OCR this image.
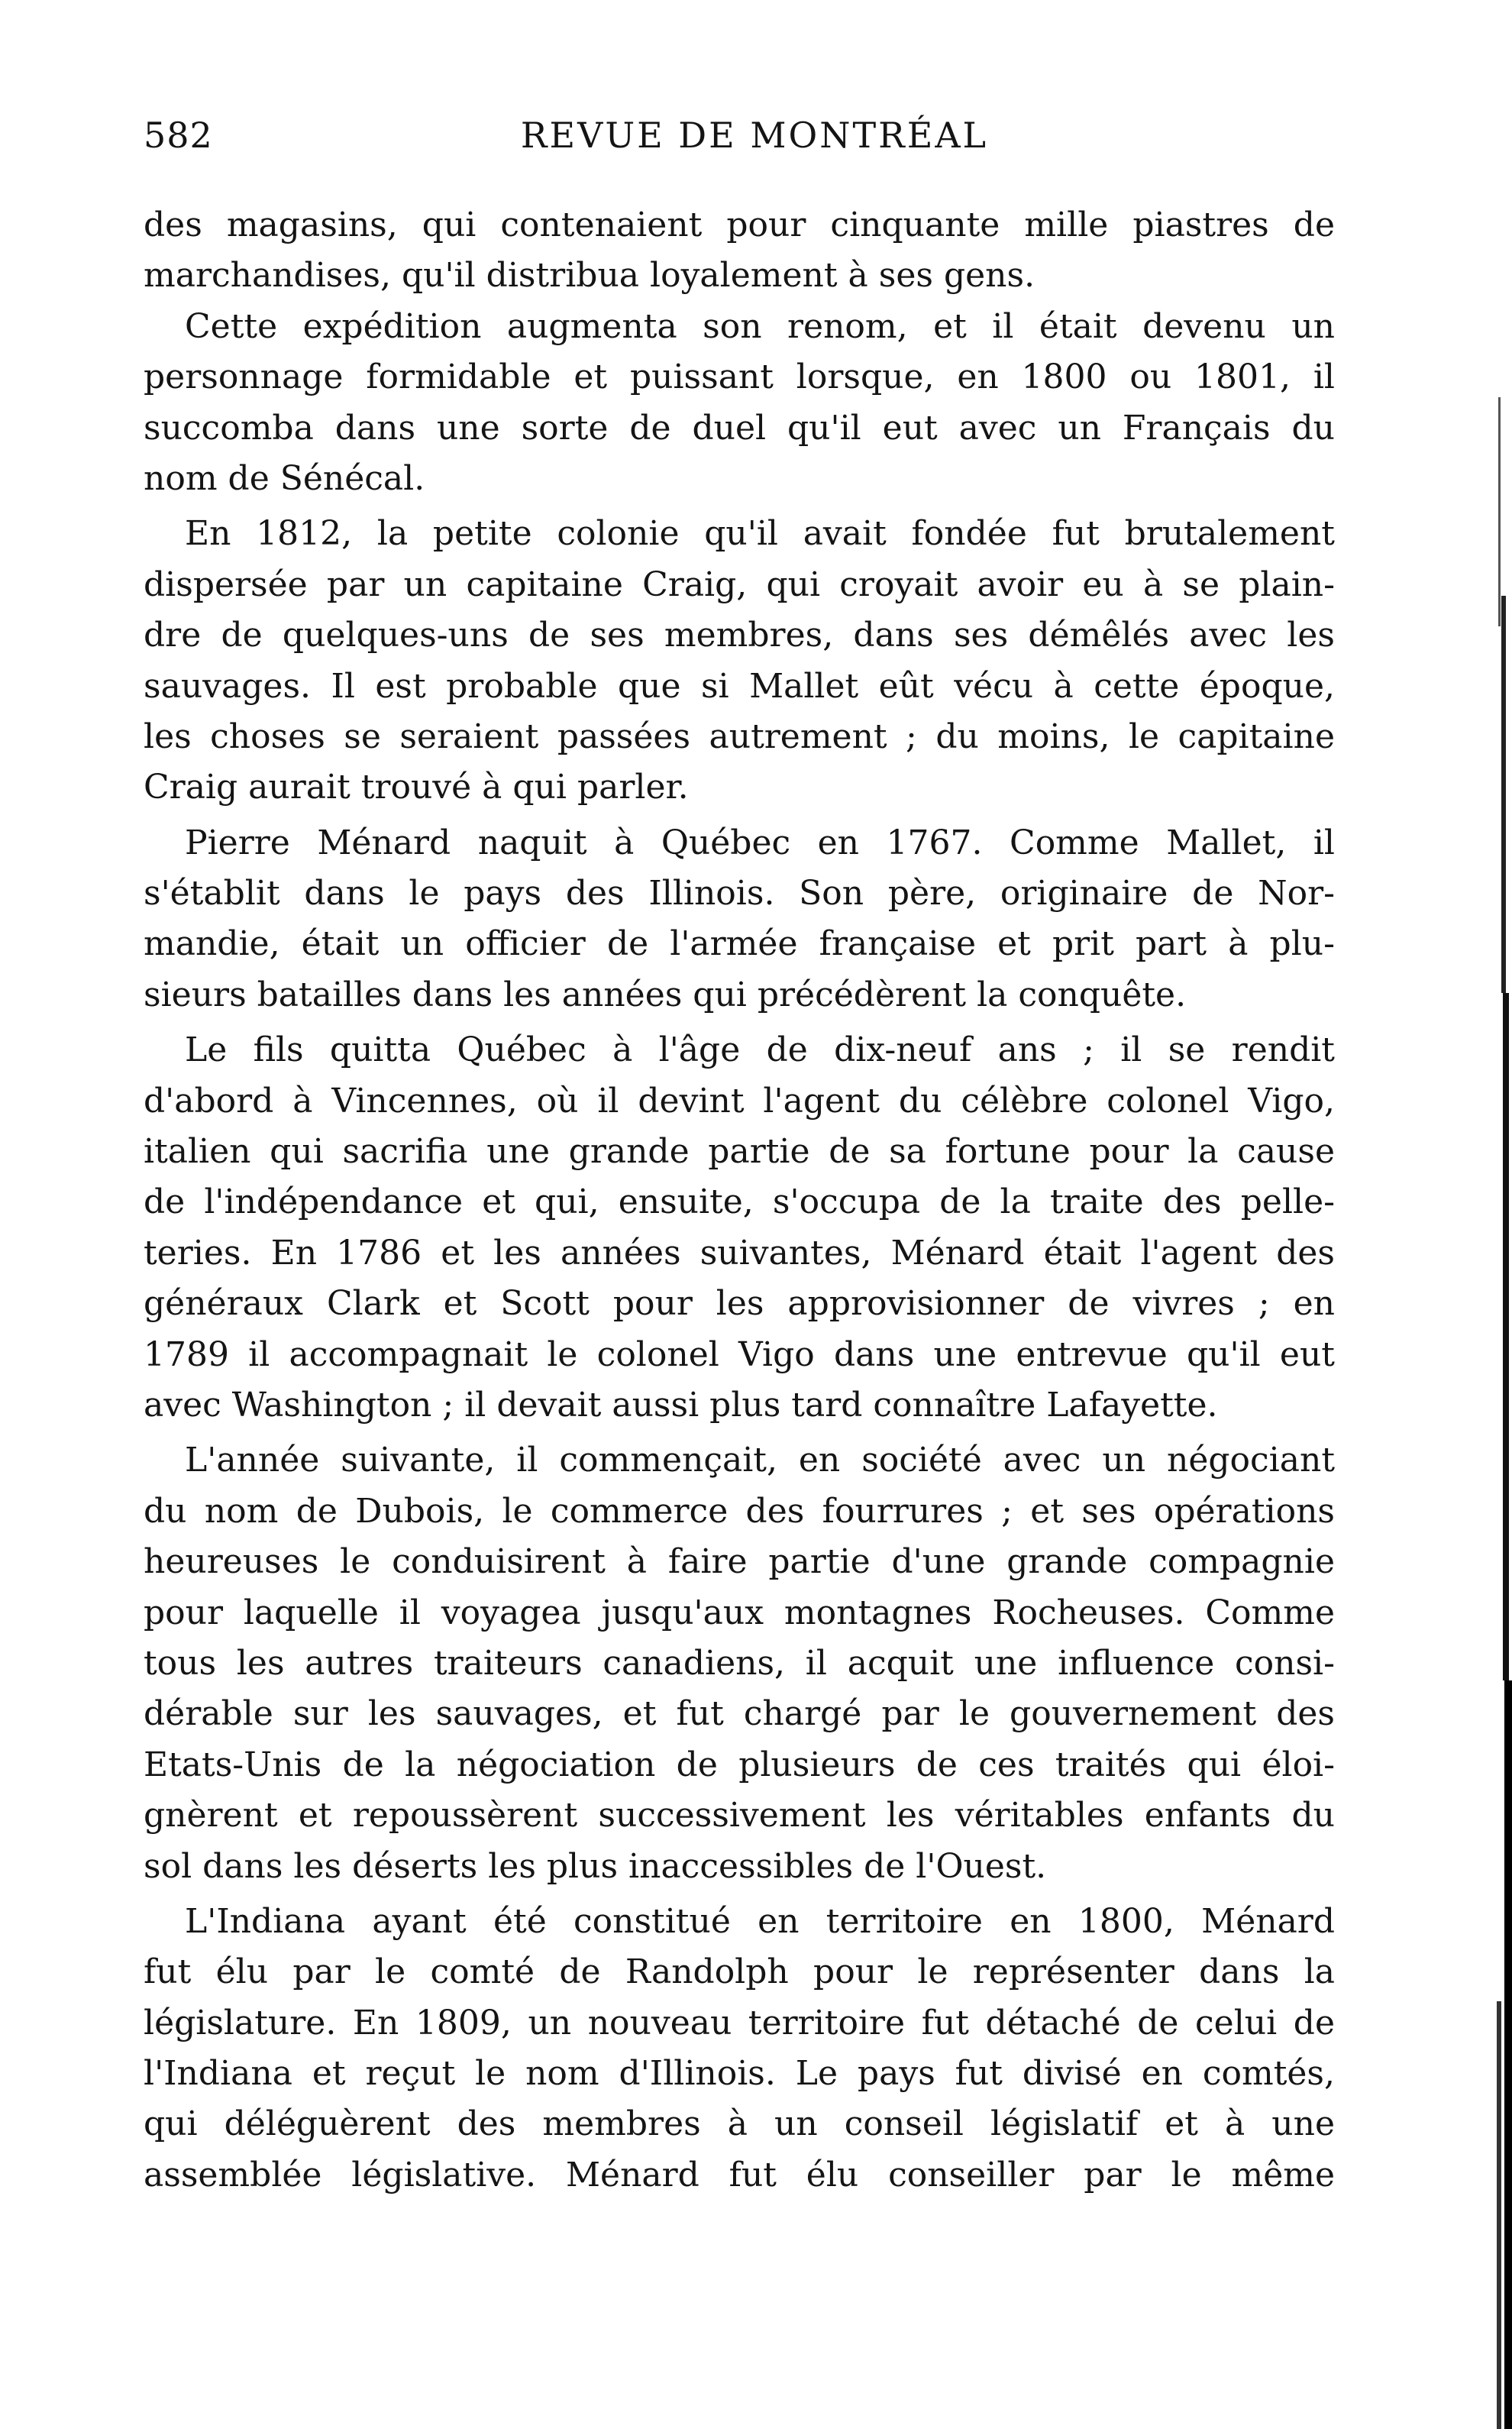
582	REVUE DE MONTRÉAL
des magasins, qui contenaient pour cinquante mille piastres de
marchandises, qu'il distribua loyalement à ses gens.
Cette expédition augmenta son renom, et il était devenu un
personnage formidable et puissant lorsque, en 1800 ou 1801, il
succomba dans une sorte de duel qu'il eut avec un Français du
nom de Sénécal.
En 1812, la petite colonie qu'il avait fondée fut brutalement
dispersée par un capitaine Craig, qui croyait avoir eu à se plain-
dre de quelques-uns de ses membres, dans ses démêlés avec les
sauvages. Il est probable que si Mallet eût vécu à cette époque,
les choses se seraient passées autrement ; du moins, le capitaine
Craig aurait trouvé à qui parler.
Pierre Ménard naquit à Québec en 1767. Comme Mallet, il
s'établit dans le pays des Illinois. Son père, originaire de Nor-
mandie, était un officier de l'armée française et prit part à plu-
sieurs batailles dans les années qui précédèrent la conquête.
Le fils quitta Québec à l'âge de dix-neuf ans ; il se rendit
d'abord à Vincennes, où il devint l'agent du célèbre colonel Vigo,
italien qui sacrifia une grande partie de sa fortune pour la cause
de l'indépendance et qui, ensuite, s'occupa de la traite des pelle-
teries. En 1786 et les années suivantes, Ménard était l'agent des
généraux Clark et Scott pour les approvisionner de vivres ; en
1789 il accompagnait le colonel Vigo dans une entrevue qu'il eut
avec Washington ; il devait aussi plus tard connaître Lafayette.
L'année suivante, il commençait, en société avec un négociant
du nom de Dubois, le commerce des fourrures ; et ses opérations
heureuses le conduisirent à faire partie d'une grande compagnie
pour laquelle il voyagea jusqu'aux montagnes Rocheuses. Comme
tous les autres traiteurs canadiens, il acquit une influence consi-
dérable sur les sauvages, et fut chargé par le gouvernement des
Etats-Unis de la négociation de plusieurs de ces traités qui éloi-
gnèrent et repoussèrent successivement les véritables enfants du
sol dans les déserts les plus inaccessibles de l'Ouest.
L'Indiana ayant été constitué en territoire en 1800, Ménard
fut élu par le comté de Randolph pour le représenter dans la
législature. En 1809, un nouveau territoire fut détaché de celui de
l'Indiana et reçut le nom d'Illinois. Le pays fut divisé en comtés,
qui déléguèrent des membres à un conseil législatif et à une
assemblée législative. Ménard fut élu conseiller par le même
